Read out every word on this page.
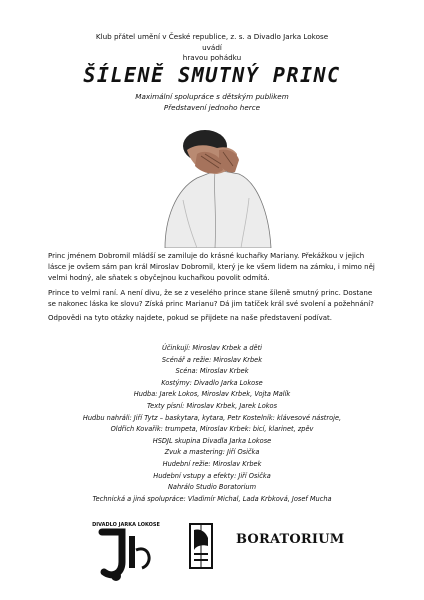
Klub přátel umění v České republice, z. s. a Divadlo Jarka Lokose
uvádí
hravou pohádku
ŠÍLENĚ SMUTNÝ PRINC
Maximální spoluprácе s dětským publikem
Představení jednoho herce
Princ jménem Dobromil mládší se zamiluje do krásné kuchařky Mariany. Překážkou v jejich lásce je ovšem sám pan král Miroslav Dobromil, který je ke všem lidem na zámku, i mimo něj velmi hodný, ale sňatek s obyčejnou kuchařkou povolit odmítá.
Prince to velmi raní. A není divu, že se z veselého prince stane šíleně smutný princ. Dostane se nakonec láska ke slovu? Získá princ Marianu? Dá jim tatíček král své svolení a požehnání?
Odpovědi na tyto otázky najdete, pokud se přijdete na naše představení podívat.
Účinkují: Miroslav Krbek a děti
Scénář a režie: Miroslav Krbek
Scéna: Miroslav Krbek
Kostýmy: Divadlo Jarka Lokose
Hudba: Jarek Lokos, Miroslav Krbek, Vojta Malík
Texty písní: Miroslav Krbek, Jarek Lokos
Hudbu nahráli: Jiří Tytz – baskytara, kytara, Petr Kostelník: klávesové nástroje,
Oldřich Kovařík: trumpeta, Miroslav Krbek: bicí, klarinet, zpěv
HSDJL skupina Divadla Jarka Lokose
Zvuk a mastering: Jiří Osička
Hudební režie: Miroslav Krbek
Hudební vstupy a efekty: Jiří Osička
Nahrálo Studio Boratorium
Technická a jiná spolupráce: Vladimír Michal, Lada Krbková, Josef Mucha
DIVADLO JARKA LOKOSE
BORATORIUM
